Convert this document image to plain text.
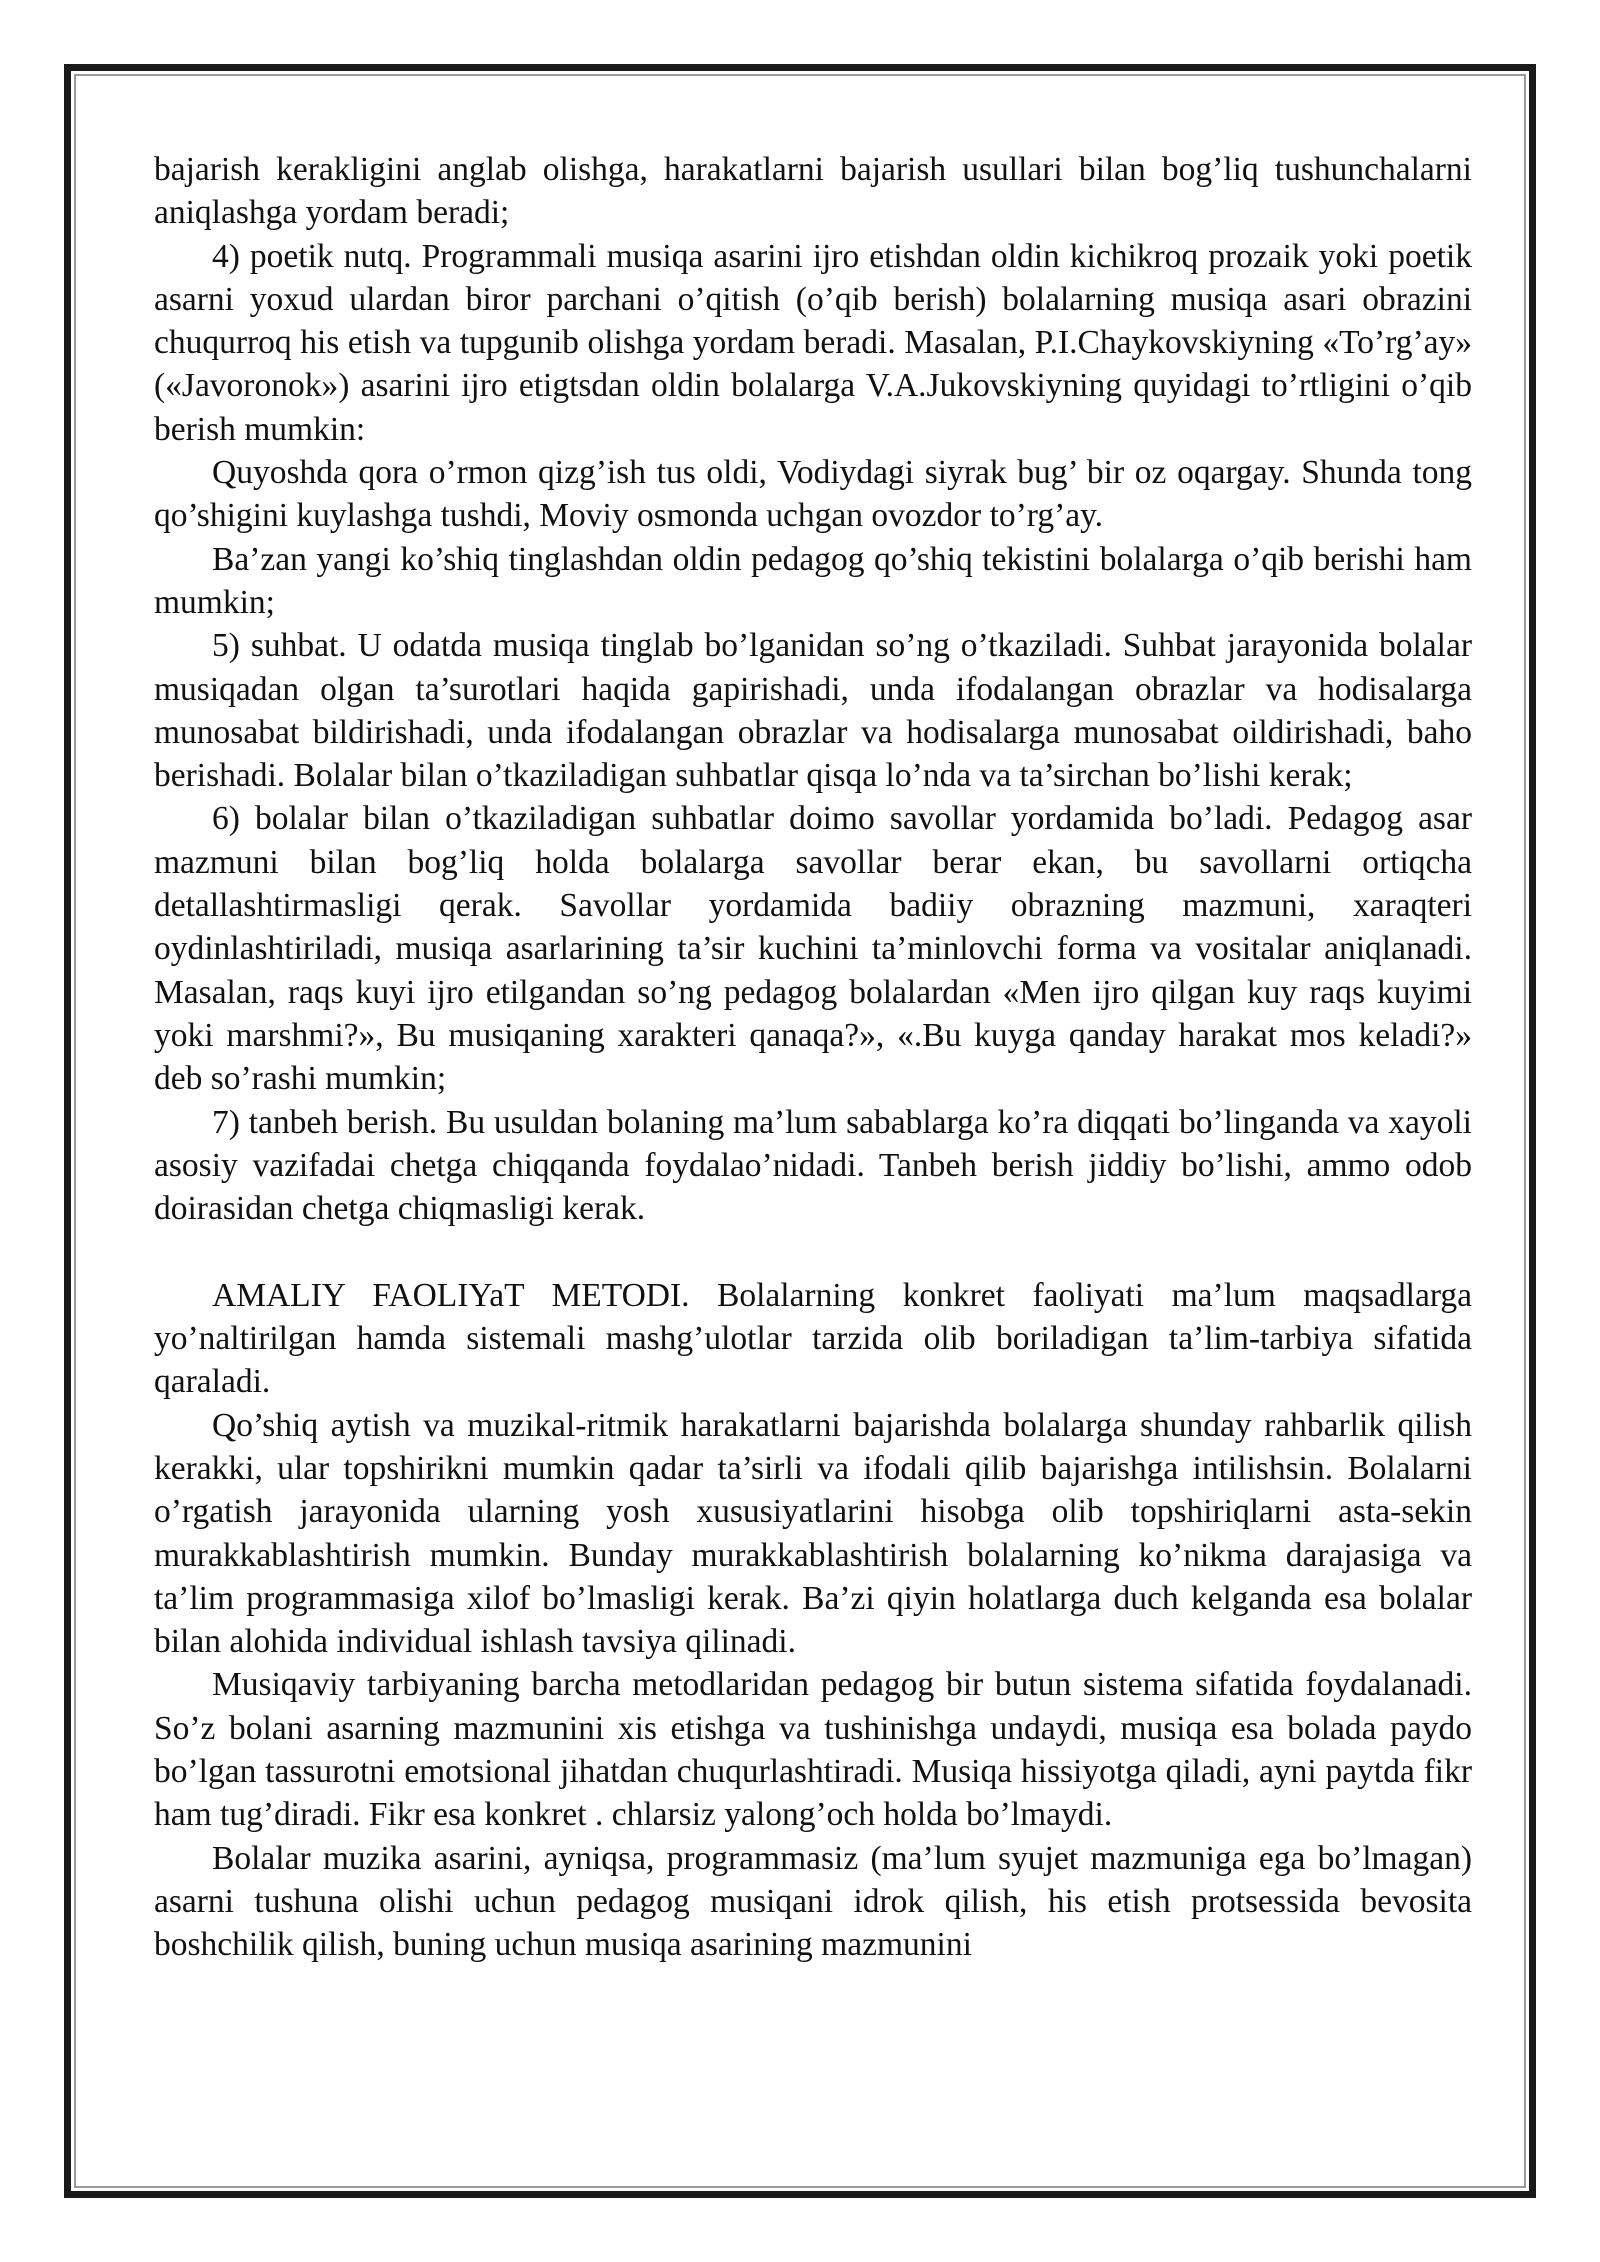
bajarish kerakligini anglab olishga, harakatlarni bajarish usullari bilan bog’liq tushunchalarni aniqlashga yordam beradi;

4) poetik nutq. Programmali musiqa asarini ijro etishdan oldin kichikroq prozaik yoki poetik asarni yoxud ulardan biror parchani o’qitish (o’qib berish) bolalarning musiqa asari obrazini chuqurroq his etish va tupgunib olishga yordam beradi. Masalan, P.I.Chaykovskiyning «To’rg’ay» («Javoronok») asarini ijro etigtsdan oldin bolalarga V.A.Jukovskiyning quyidagi to’rtligini o’qib berish mumkin:

Quyoshda qora o’rmon qizg’ish tus oldi, Vodiydagi siyrak bug’ bir oz oqargay. Shunda tong qo’shigini kuylashga tushdi, Moviy osmonda uchgan ovozdor to’rg’ay.

Ba’zan yangi ko’shiq tinglashdan oldin pedagog qo’shiq tekistini bolalarga o’qib berishi ham mumkin;

5) suhbat. U odatda musiqa tinglab bo’lganidan so’ng o’tkaziladi. Suhbat jarayonida bolalar musiqadan olgan ta’surotlari haqida gapirishadi, unda ifodalangan obrazlar va hodisalarga munosabat bildirishadi, unda ifodalangan obrazlar va hodisalarga munosabat oildirishadi, baho berishadi. Bolalar bilan o’tkaziladigan suhbatlar qisqa lo’nda va ta’sirchan bo’lishi kerak;

6) bolalar bilan o’tkaziladigan suhbatlar doimo savollar yordamida bo’ladi. Pedagog asar mazmuni bilan bog’liq holda bolalarga savollar berar ekan, bu savollarni ortiqcha detallashtirmasligi qerak. Savollar yordamida badiiy obrazning mazmuni, xaraqteri oydinlashtiriladi, musiqa asarlarining ta’sir kuchini ta’minlovchi forma va vositalar aniqlanadi. Masalan, raqs kuyi ijro etilgandan so’ng pedagog bolalardan «Men ijro qilgan kuy raqs kuyimi yoki marshmi?», Bu musiqaning xarakteri qanaqa?», «.Bu kuyga qanday harakat mos keladi?» deb so’rashi mumkin;

7) tanbeh berish. Bu usuldan bolaning ma’lum sabablarga ko’ra diqqati bo’linganda va xayoli asosiy vazifadai chetga chiqqanda foydalao’nidadi. Tanbeh berish jiddiy bo’lishi, ammo odob doirasidan chetga chiqmasligi kerak.

AMALIY FAOLIYaT METODI. Bolalarning konkret faoliyati ma’lum maqsadlarga yo’naltirilgan hamda sistemali mashg’ulotlar tarzida olib boriladigan ta’lim-tarbiya sifatida qaraladi.

Qo’shiq aytish va muzikal-ritmik harakatlarni bajarishda bolalarga shunday rahbarlik qilish kerakki, ular topshirikni mumkin qadar ta’sirli va ifodali qilib bajarishga intilishsin. Bolalarni o’rgatish jarayonida ularning yosh xususiyatlarini hisobga olib topshiriqlarni asta-sekin murakkablashtirish mumkin. Bunday murakkablashtirish bolalarning ko’nikma darajasiga va ta’lim programmasiga xilof bo’lmasligi kerak. Ba’zi qiyin holatlarga duch kelganda esa bolalar bilan alohida individual ishlash tavsiya qilinadi.

Musiqaviy tarbiyaning barcha metodlaridan pedagog bir butun sistema sifatida foydalanadi. So’z bolani asarning mazmunini xis etishga va tushinishga undaydi, musiqa esa bolada paydo bo’lgan tassurotni emotsional jihatdan chuqurlashtiradi. Musiqa hissiyotga qiladi, ayni paytda fikr ham tug’diradi. Fikr esa konkret . chlarsiz yalong’och holda bo’lmaydi.

Bolalar muzika asarini, ayniqsa, programmasiz (ma’lum syujet mazmuniga ega bo’lmagan) asarni tushuna olishi uchun pedagog musiqani idrok qilish, his etish protsessida bevosita boshchilik qilish, buning uchun musiqa asarining mazmunini
